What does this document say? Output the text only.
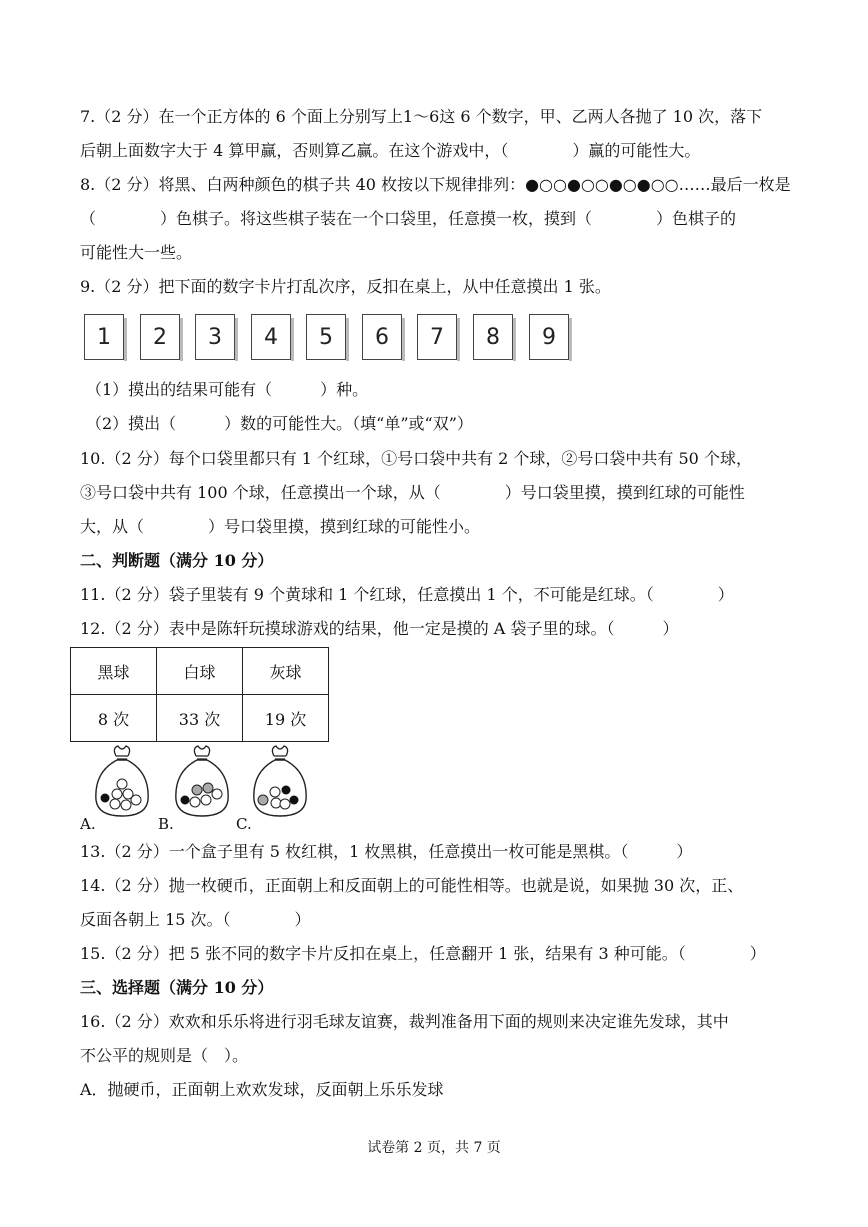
7.（2 分）在一个正方体的 6 个面上分别写上1～6这 6 个数字，甲、乙两人各抛了 10 次，落下
后朝上面数字大于 4 算甲赢，否则算乙赢。在这个游戏中，（　　　　）赢的可能性大。
8.（2 分）将黑、白两种颜色的棋子共 40 枚按以下规律排列：●○○●○○●○●○○……最后一枚是
（　　　　）色棋子。将这些棋子装在一个口袋里，任意摸一枚，摸到（　　　　）色棋子的
可能性大一些。
9.（2 分）把下面的数字卡片打乱次序，反扣在桌上，从中任意摸出 1 张。
1	2	3	4	5	6	7	8	9
（1）摸出的结果可能有（　　　）种。
（2）摸出（　　　）数的可能性大。（填“单”或“双”）
10.（2 分）每个口袋里都只有 1 个红球，①号口袋中共有 2 个球，②号口袋中共有 50 个球，
③号口袋中共有 100 个球，任意摸出一个球，从（　　　　）号口袋里摸，摸到红球的可能性
大，从（　　　　）号口袋里摸，摸到红球的可能性小。
二、判断题（满分 10 分）
11.（2 分）袋子里装有 9 个黄球和 1 个红球，任意摸出 1 个，不可能是红球。（　　　　）
12.（2 分）表中是陈轩玩摸球游戏的结果，他一定是摸的 A 袋子里的球。（　　　）
黑球	白球	灰球
8 次	33 次	19 次
A.	B.	C.
13.（2 分）一个盒子里有 5 枚红棋，1 枚黑棋，任意摸出一枚可能是黑棋。（　　　）
14.（2 分）抛一枚硬币，正面朝上和反面朝上的可能性相等。也就是说，如果抛 30 次，正、
反面各朝上 15 次。（　　　　）
15.（2 分）把 5 张不同的数字卡片反扣在桌上，任意翻开 1 张，结果有 3 种可能。（　　　　）
三、选择题（满分 10 分）
16.（2 分）欢欢和乐乐将进行羽毛球友谊赛，裁判准备用下面的规则来决定谁先发球，其中
不公平的规则是（　）。
A．抛硬币，正面朝上欢欢发球，反面朝上乐乐发球
试卷第 2 页，共 7 页
